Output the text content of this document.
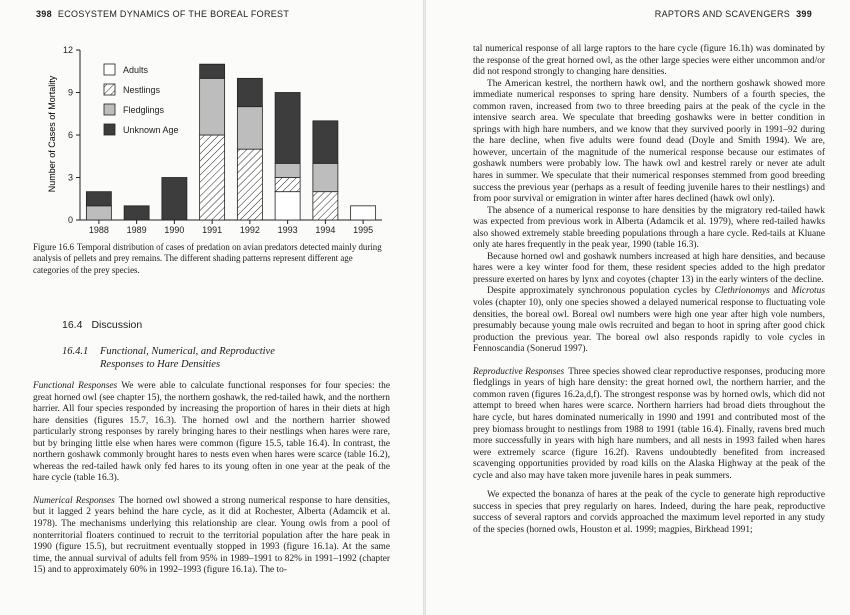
398 ECOSYSTEM DYNAMICS OF THE BOREAL FOREST
0
3
6
9
12
1988 1989 1990 1991 1992 1993 1994 1995
Number of Cases of Mortality
Adults
Nestlings
Fledglings
Unknown Age
Figure 16.6 Temporal distribution of cases of predation on avian predators detected mainly during analysis of pellets and prey remains. The different shading patterns represent different age categories of the prey species.
16.4 Discussion
16.4.1 Functional, Numerical, and Reproductive
Responses to Hare Densities

Functional Responses We were able to calculate functional responses for four species: the great horned owl (see chapter 15), the northern goshawk, the red-tailed hawk, and the northern harrier. All four species responded by increasing the proportion of hares in their diets at high hare densities (figures 15.7, 16.3). The horned owl and the northern harrier showed particularly strong responses by rarely bringing hares to their nestlings when hares were rare, but by bringing little else when hares were common (figure 15.5, table 16.4). In contrast, the northern goshawk commonly brought hares to nests even when hares were scarce (table 16.2), whereas the red-tailed hawk only fed hares to its young often in one year at the peak of the hare cycle (table 16.3).

Numerical Responses The horned owl showed a strong numerical response to hare densities, but it lagged 2 years behind the hare cycle, as it did at Rochester, Alberta (Adamcik et al. 1978). The mechanisms underlying this relationship are clear. Young owls from a pool of nonterritorial floaters continued to recruit to the territorial population after the hare peak in 1990 (figure 15.5), but recruitment eventually stopped in 1993 (figure 16.1a). At the same time, the annual survival of adults fell from 95% in 1989–1991 to 82% in 1991–1992 (chapter 15) and to approximately 60% in 1992–1993 (figure 16.1a). The to-

RAPTORS AND SCAVENGERS 399

tal numerical response of all large raptors to the hare cycle (figure 16.1h) was dominated by the response of the great horned owl, as the other large species were either uncommon and/or did not respond strongly to changing hare densities.

The American kestrel, the northern hawk owl, and the northern goshawk showed more immediate numerical responses to spring hare density. Numbers of a fourth species, the common raven, increased from two to three breeding pairs at the peak of the cycle in the intensive search area. We speculate that breeding goshawks were in better condition in springs with high hare numbers, and we know that they survived poorly in 1991–92 during the hare decline, when five adults were found dead (Doyle and Smith 1994). We are, however, uncertain of the magnitude of the numerical response because our estimates of goshawk numbers were probably low. The hawk owl and kestrel rarely or never ate adult hares in summer. We speculate that their numerical responses stemmed from good breeding success the previous year (perhaps as a result of feeding juvenile hares to their nestlings) and from poor survival or emigration in winter after hares declined (hawk owl only).

The absence of a numerical response to hare densities by the migratory red-tailed hawk was expected from previous work in Alberta (Adamcik et al. 1979), where red-tailed hawks also showed extremely stable breeding populations through a hare cycle. Red-tails at Kluane only ate hares frequently in the peak year, 1990 (table 16.3).

Because horned owl and goshawk numbers increased at high hare densities, and because hares were a key winter food for them, these resident species added to the high predator pressure exerted on hares by lynx and coyotes (chapter 13) in the early winters of the decline.

Despite approximately synchronous population cycles by Clethrionomys and Microtus voles (chapter 10), only one species showed a delayed numerical response to fluctuating vole densities, the boreal owl. Boreal owl numbers were high one year after high vole numbers, presumably because young male owls recruited and began to hoot in spring after good chick production the previous year. The boreal owl also responds rapidly to vole cycles in Fennoscandia (Sonerud 1997).

Reproductive Responses Three species showed clear reproductive responses, producing more fledglings in years of high hare density: the great horned owl, the northern harrier, and the common raven (figures 16.2a,d,f). The strongest response was by horned owls, which did not attempt to breed when hares were scarce. Northern harriers had broad diets throughout the hare cycle, but hares dominated numerically in 1990 and 1991 and contributed most of the prey biomass brought to nestlings from 1988 to 1991 (table 16.4). Finally, ravens bred much more successfully in years with high hare numbers, and all nests in 1993 failed when hares were extremely scarce (figure 16.2f). Ravens undoubtedly benefited from increased scavenging opportunities provided by road kills on the Alaska Highway at the peak of the cycle and also may have taken more juvenile hares in peak summers.

We expected the bonanza of hares at the peak of the cycle to generate high reproductive success in species that prey regularly on hares. Indeed, during the hare peak, reproductive success of several raptors and corvids approached the maximum level reported in any study of the species (horned owls, Houston et al. 1999; magpies, Birkhead 1991;
